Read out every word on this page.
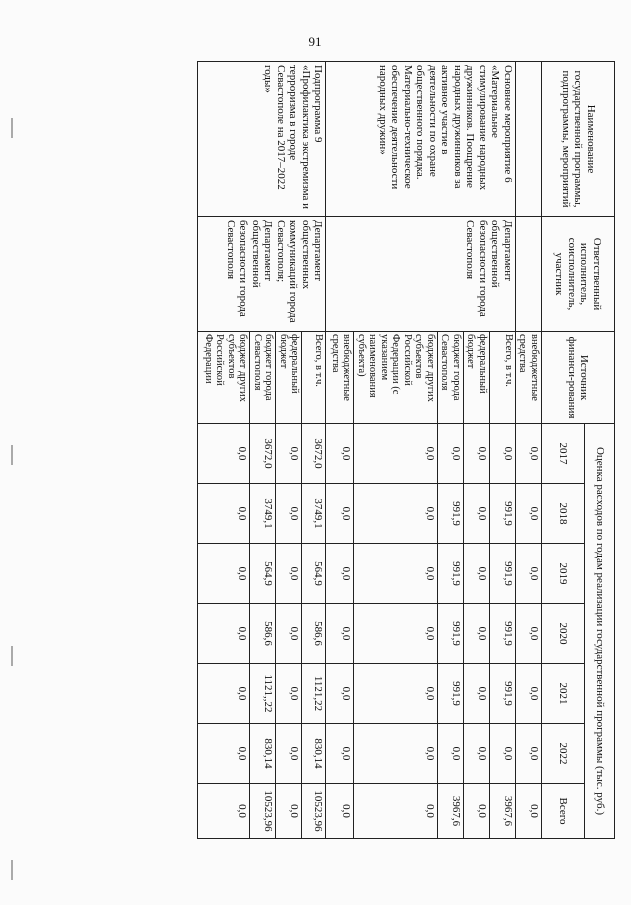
91
Наименование государственной программы, подпрограммы, мероприятий	Ответственный исполнитель, соисполнитель, участник	Источник финанси-рования	Оценка расходов по годам реализации государственной программы (тыс. руб.)						
			2017	2018	2019	2020	2021	2022	Всего
		внебюджетные средства	0,0	0,0	0,0	0,0	0,0	0,0	0,0
Основное мероприятие 6 «Материальное стимулирование народных дружинников. Поощрение народных дружинников за активное участие в деятельности по охране общественного порядка. Материально-техническое обеспечение деятельности народных дружин»	Департамент общественной безопасности города Севастополя	Всего, в т.ч.	0,0	991,9	991,9	991,9	991,9	0,0	3967,6
		федеральный бюджет	0,0	0,0	0,0	0,0	0,0	0,0	0,0
		бюджет города Севастополя	0,0	991,9	991,9	991,9	991,9	0,0	3967,6
		бюджет других субъектов Российской Федерации (с указанием наименования субъекта)	0,0	0,0	0,0	0,0	0,0	0,0	0,0
		внебюджетные средства	0,0	0,0	0,0	0,0	0,0	0,0	0,0
Подпрограмма 9 «Профилактика экстремизма и терроризма в городе Севастополе на 2017–2022 годы»	Департамент общественных коммуникаций города Севастополя; Департамент общественной безопасности города Севастополя	Всего, в т.ч.	3672,0	3749,1	564,9	586,6	1121,22	830,14	10523,96
		федеральный бюджет	0,0	0,0	0,0	0,0	0,0	0,0	0,0
		бюджет города Севастополя	3672,0	3749,1	564,9	586,6	1121,,22	830,14	10523,96
		бюджет других субъектов Российской Федерации	0,0	0,0	0,0	0,0	0,0	0,0	0,0
